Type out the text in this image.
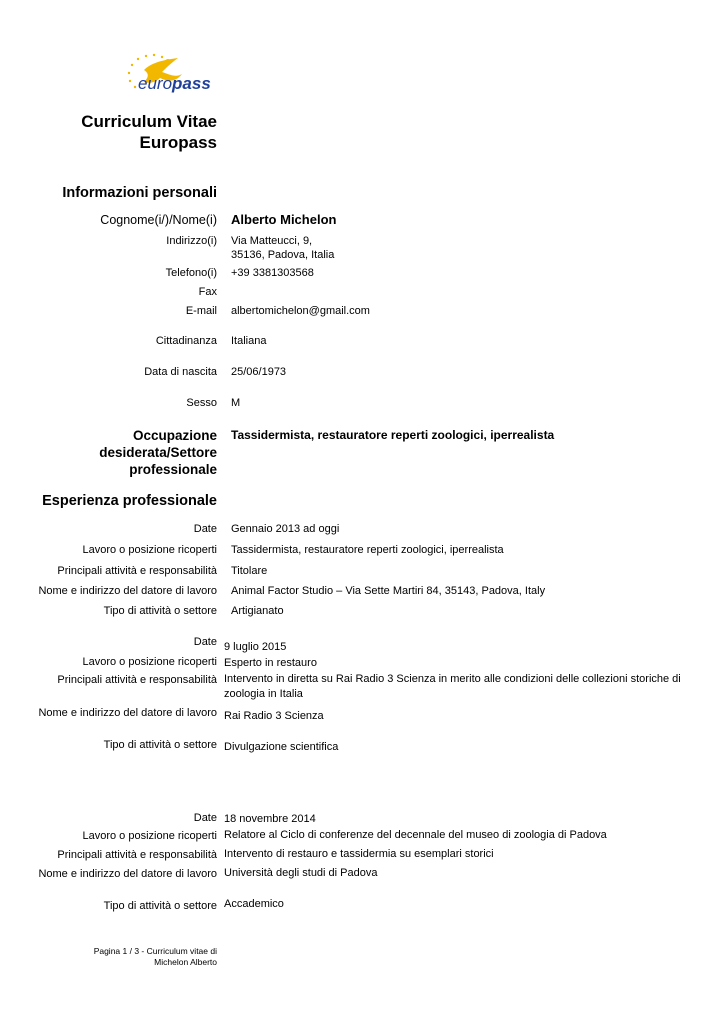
europass
Curriculum Vitae
Europass
Informazioni personali
Cognome(i/)/Nome(i) Alberto Michelon
Indirizzo(i) Via Matteucci, 9,
35136, Padova, Italia
Telefono(i) +39 3381303568
Fax
E-mail albertomichelon@gmail.com
Cittadinanza Italiana
Data di nascita 25/06/1973
Sesso M
Occupazione
desiderata/Settore
professionale
Tassidermista, restauratore reperti zoologici, iperrealista
Esperienza professionale
Date Gennaio 2013 ad oggi
Lavoro o posizione ricoperti Tassidermista, restauratore reperti zoologici, iperrealista
Principali attività e responsabilità Titolare
Nome e indirizzo del datore di lavoro Animal Factor Studio – Via Sette Martiri 84, 35143, Padova, Italy
Tipo di attività o settore Artigianato
Date 9 luglio 2015
Lavoro o posizione ricoperti Esperto in restauro
Principali attività e responsabilità Intervento in diretta su Rai Radio 3 Scienza in merito alle condizioni delle collezioni storiche di zoologia in Italia
Nome e indirizzo del datore di lavoro Rai Radio 3 Scienza
Tipo di attività o settore Divulgazione scientifica
Date 18 novembre 2014
Lavoro o posizione ricoperti Relatore al Ciclo di conferenze del decennale del museo di zoologia di Padova
Principali attività e responsabilità Intervento di restauro e tassidermia su esemplari storici
Nome e indirizzo del datore di lavoro Università degli studi di Padova
Tipo di attività o settore Accademico
Pagina 1 / 3 - Curriculum vitae di
Michelon Alberto
